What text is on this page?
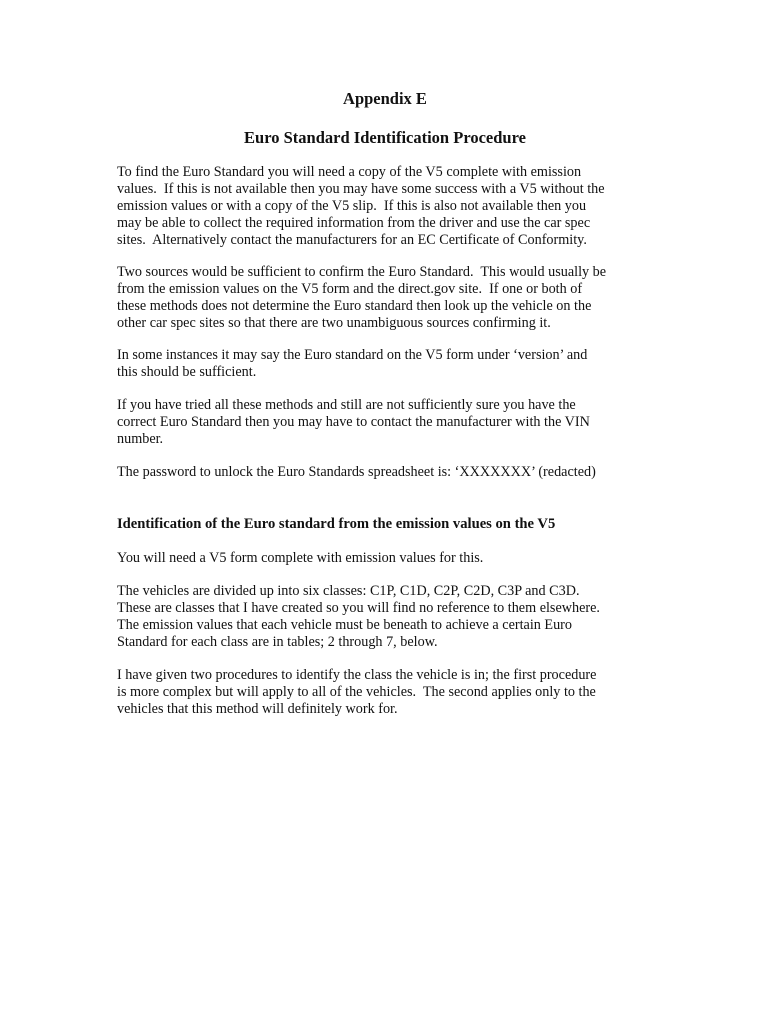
Appendix E
Euro Standard Identification Procedure

To find the Euro Standard you will need a copy of the V5 complete with emission
values.  If this is not available then you may have some success with a V5 without the
emission values or with a copy of the V5 slip.  If this is also not available then you
may be able to collect the required information from the driver and use the car spec
sites.  Alternatively contact the manufacturers for an EC Certificate of Conformity.

Two sources would be sufficient to confirm the Euro Standard.  This would usually be
from the emission values on the V5 form and the direct.gov site.  If one or both of
these methods does not determine the Euro standard then look up the vehicle on the
other car spec sites so that there are two unambiguous sources confirming it.

In some instances it may say the Euro standard on the V5 form under ‘version’ and
this should be sufficient.

If you have tried all these methods and still are not sufficiently sure you have the
correct Euro Standard then you may have to contact the manufacturer with the VIN
number.

The password to unlock the Euro Standards spreadsheet is: ‘XXXXXXX’ (redacted)

Identification of the Euro standard from the emission values on the V5

You will need a V5 form complete with emission values for this.

The vehicles are divided up into six classes: C1P, C1D, C2P, C2D, C3P and C3D.
These are classes that I have created so you will find no reference to them elsewhere.
The emission values that each vehicle must be beneath to achieve a certain Euro
Standard for each class are in tables; 2 through 7, below.

I have given two procedures to identify the class the vehicle is in; the first procedure
is more complex but will apply to all of the vehicles.  The second applies only to the
vehicles that this method will definitely work for.
